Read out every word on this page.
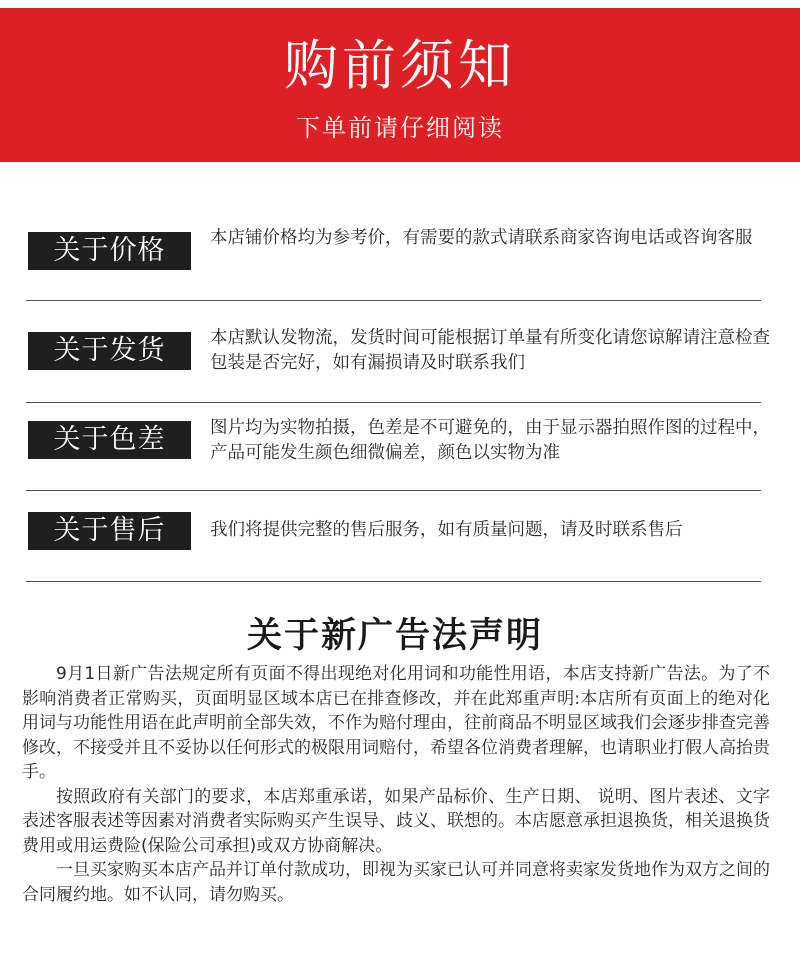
购前须知
下单前请仔细阅读
关于价格	本店铺价格均为参考价，有需要的款式请联系商家咨询电话或咨询客服
关于发货	本店默认发物流，发货时间可能根据订单量有所变化请您谅解请注意检查包装是否完好，如有漏损请及时联系我们
关于色差	图片均为实物拍摄，色差是不可避免的，由于显示器拍照作图的过程中，产品可能发生颜色细微偏差，颜色以实物为准
关于售后	我们将提供完整的售后服务，如有质量问题，请及时联系售后
关于新广告法声明

9月1日新广告法规定所有页面不得出现绝对化用词和功能性用语，本店支持新广告法。为了不影响消费者正常购买，页面明显区域本店已在排查修改，并在此郑重声明:本店所有页面上的绝对化用词与功能性用语在此声明前全部失效，不作为赔付理由，往前商品不明显区域我们会逐步排查完善修改，不接受并且不妥协以任何形式的极限用词赔付，希望各位消费者理解，也请职业打假人高抬贵手。

按照政府有关部门的要求，本店郑重承诺，如果产品标价、生产日期、 说明、图片表述、文字表述客服表述等因素对消费者实际购买产生误导、歧义、联想的。本店愿意承担退换货，相关退换货费用或用运费险(保险公司承担)或双方协商解决。

一旦买家购买本店产品并订单付款成功，即视为买家已认可并同意将卖家发货地作为双方之间的合同履约地。如不认同，请勿购买。
